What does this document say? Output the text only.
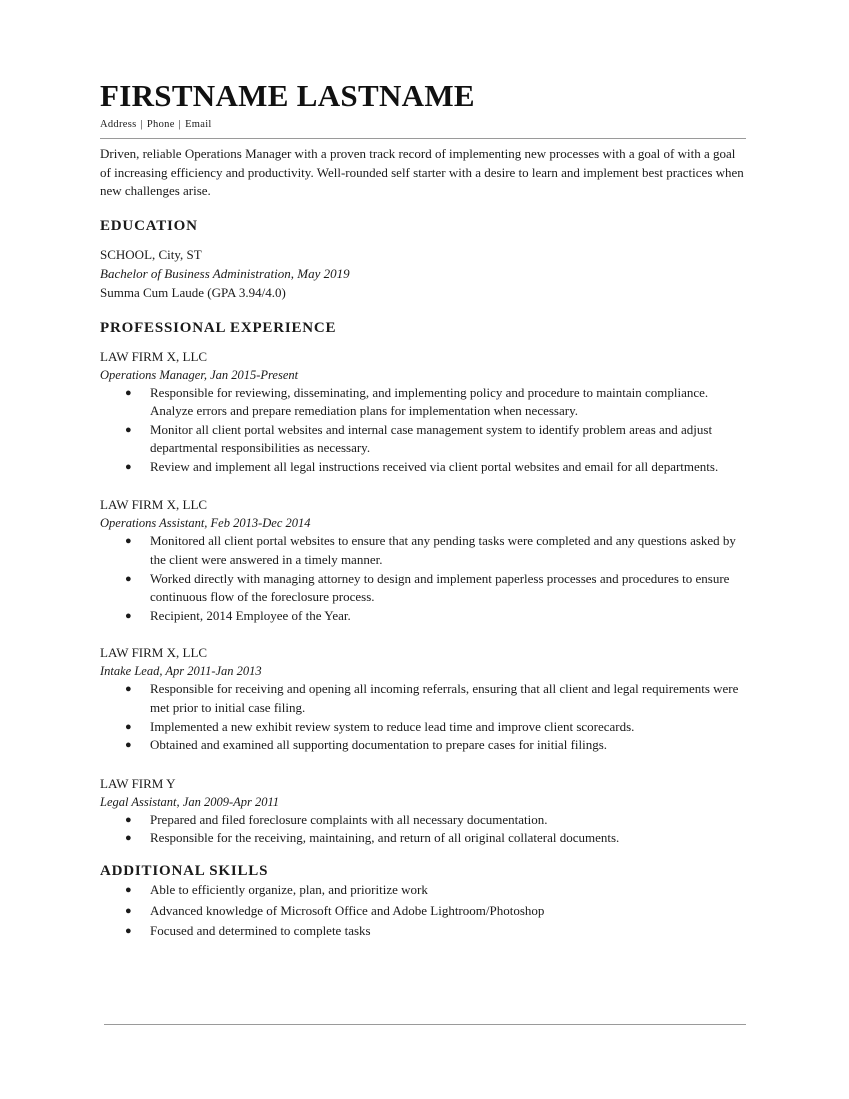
FIRSTNAME LASTNAME
Address | Phone | Email
Driven, reliable Operations Manager with a proven track record of implementing new processes with a goal of with a goal of increasing efficiency and productivity. Well-rounded self starter with a desire to learn and implement best practices when new challenges arise.
EDUCATION
SCHOOL, City, ST
Bachelor of Business Administration, May 2019
Summa Cum Laude (GPA 3.94/4.0)
PROFESSIONAL EXPERIENCE
LAW FIRM X, LLC
Operations Manager, Jan 2015-Present
● Responsible for reviewing, disseminating, and implementing policy and procedure to maintain compliance. Analyze errors and prepare remediation plans for implementation when necessary.
● Monitor all client portal websites and internal case management system to identify problem areas and adjust departmental responsibilities as necessary.
● Review and implement all legal instructions received via client portal websites and email for all departments.
LAW FIRM X, LLC
Operations Assistant, Feb 2013-Dec 2014
● Monitored all client portal websites to ensure that any pending tasks were completed and any questions asked by the client were answered in a timely manner.
● Worked directly with managing attorney to design and implement paperless processes and procedures to ensure continuous flow of the foreclosure process.
● Recipient, 2014 Employee of the Year.
LAW FIRM X, LLC
Intake Lead, Apr 2011-Jan 2013
● Responsible for receiving and opening all incoming referrals, ensuring that all client and legal requirements were met prior to initial case filing.
● Implemented a new exhibit review system to reduce lead time and improve client scorecards.
● Obtained and examined all supporting documentation to prepare cases for initial filings.
LAW FIRM Y
Legal Assistant, Jan 2009-Apr 2011
● Prepared and filed foreclosure complaints with all necessary documentation.
● Responsible for the receiving, maintaining, and return of all original collateral documents.
ADDITIONAL SKILLS
● Able to efficiently organize, plan, and prioritize work
● Advanced knowledge of Microsoft Office and Adobe Lightroom/Photoshop
● Focused and determined to complete tasks
